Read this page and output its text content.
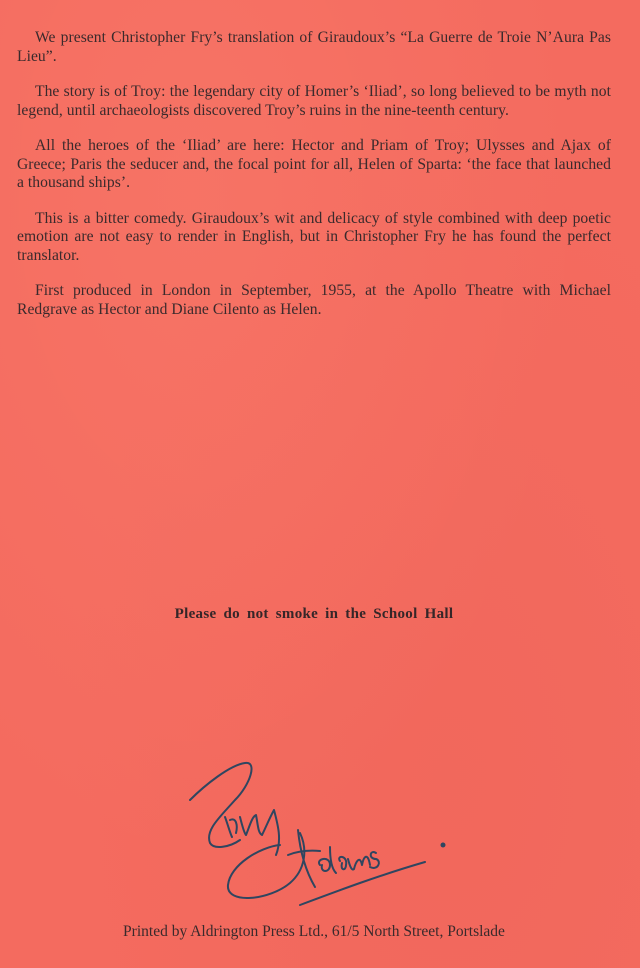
We present Christopher Fry’s translation of Giraudoux’s “La Guerre de Troie N’Aura Pas Lieu”.

The story is of Troy: the legendary city of Homer’s ‘Iliad’, so long believed to be myth not legend, until archaeologists discovered Troy’s ruins in the nine-teenth century.

All the heroes of the ‘Iliad’ are here: Hector and Priam of Troy; Ulysses and Ajax of Greece; Paris the seducer and, the focal point for all, Helen of Sparta: ‘the face that launched a thousand ships’.

This is a bitter comedy. Giraudoux’s wit and delicacy of style combined with deep poetic emotion are not easy to render in English, but in Christopher Fry he has found the perfect translator.

First produced in London in September, 1955, at the Apollo Theatre with Michael Redgrave as Hector and Diane Cilento as Helen.

Please do not smoke in the School Hall
Printed by Aldrington Press Ltd., 61/5 North Street, Portslade
